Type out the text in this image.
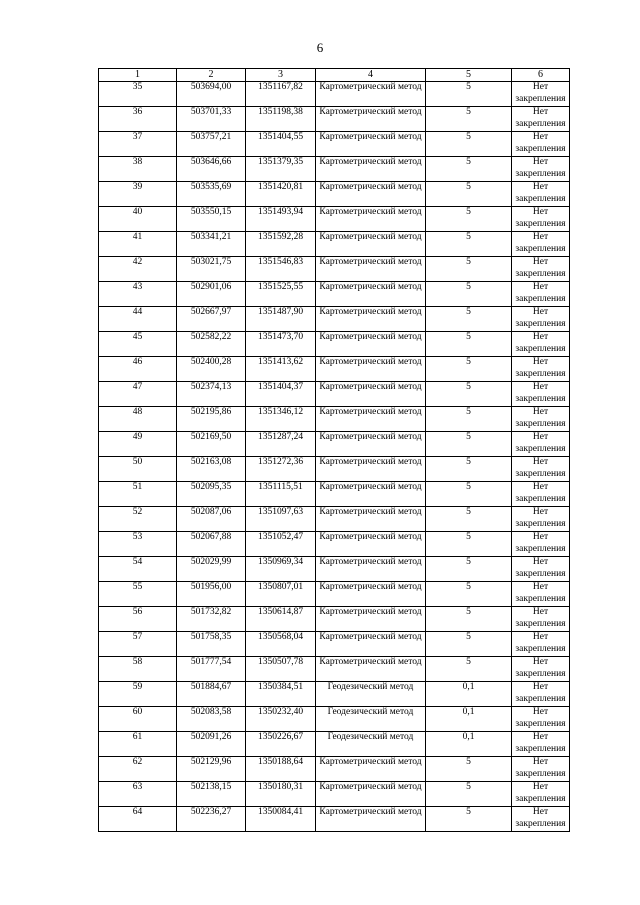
6
1	2	3	4	5	6
35	503694,00	1351167,82	Картометрический метод	5	Нет закрепления
36	503701,33	1351198,38	Картометрический метод	5	Нет закрепления
37	503757,21	1351404,55	Картометрический метод	5	Нет закрепления
38	503646,66	1351379,35	Картометрический метод	5	Нет закрепления
39	503535,69	1351420,81	Картометрический метод	5	Нет закрепления
40	503550,15	1351493,94	Картометрический метод	5	Нет закрепления
41	503341,21	1351592,28	Картометрический метод	5	Нет закрепления
42	503021,75	1351546,83	Картометрический метод	5	Нет закрепления
43	502901,06	1351525,55	Картометрический метод	5	Нет закрепления
44	502667,97	1351487,90	Картометрический метод	5	Нет закрепления
45	502582,22	1351473,70	Картометрический метод	5	Нет закрепления
46	502400,28	1351413,62	Картометрический метод	5	Нет закрепления
47	502374,13	1351404,37	Картометрический метод	5	Нет закрепления
48	502195,86	1351346,12	Картометрический метод	5	Нет закрепления
49	502169,50	1351287,24	Картометрический метод	5	Нет закрепления
50	502163,08	1351272,36	Картометрический метод	5	Нет закрепления
51	502095,35	1351115,51	Картометрический метод	5	Нет закрепления
52	502087,06	1351097,63	Картометрический метод	5	Нет закрепления
53	502067,88	1351052,47	Картометрический метод	5	Нет закрепления
54	502029,99	1350969,34	Картометрический метод	5	Нет закрепления
55	501956,00	1350807,01	Картометрический метод	5	Нет закрепления
56	501732,82	1350614,87	Картометрический метод	5	Нет закрепления
57	501758,35	1350568,04	Картометрический метод	5	Нет закрепления
58	501777,54	1350507,78	Картометрический метод	5	Нет закрепления
59	501884,67	1350384,51	Геодезический метод	0,1	Нет закрепления
60	502083,58	1350232,40	Геодезический метод	0,1	Нет закрепления
61	502091,26	1350226,67	Геодезический метод	0,1	Нет закрепления
62	502129,96	1350188,64	Картометрический метод	5	Нет закрепления
63	502138,15	1350180,31	Картометрический метод	5	Нет закрепления
64	502236,27	1350084,41	Картометрический метод	5	Нет закрепления
